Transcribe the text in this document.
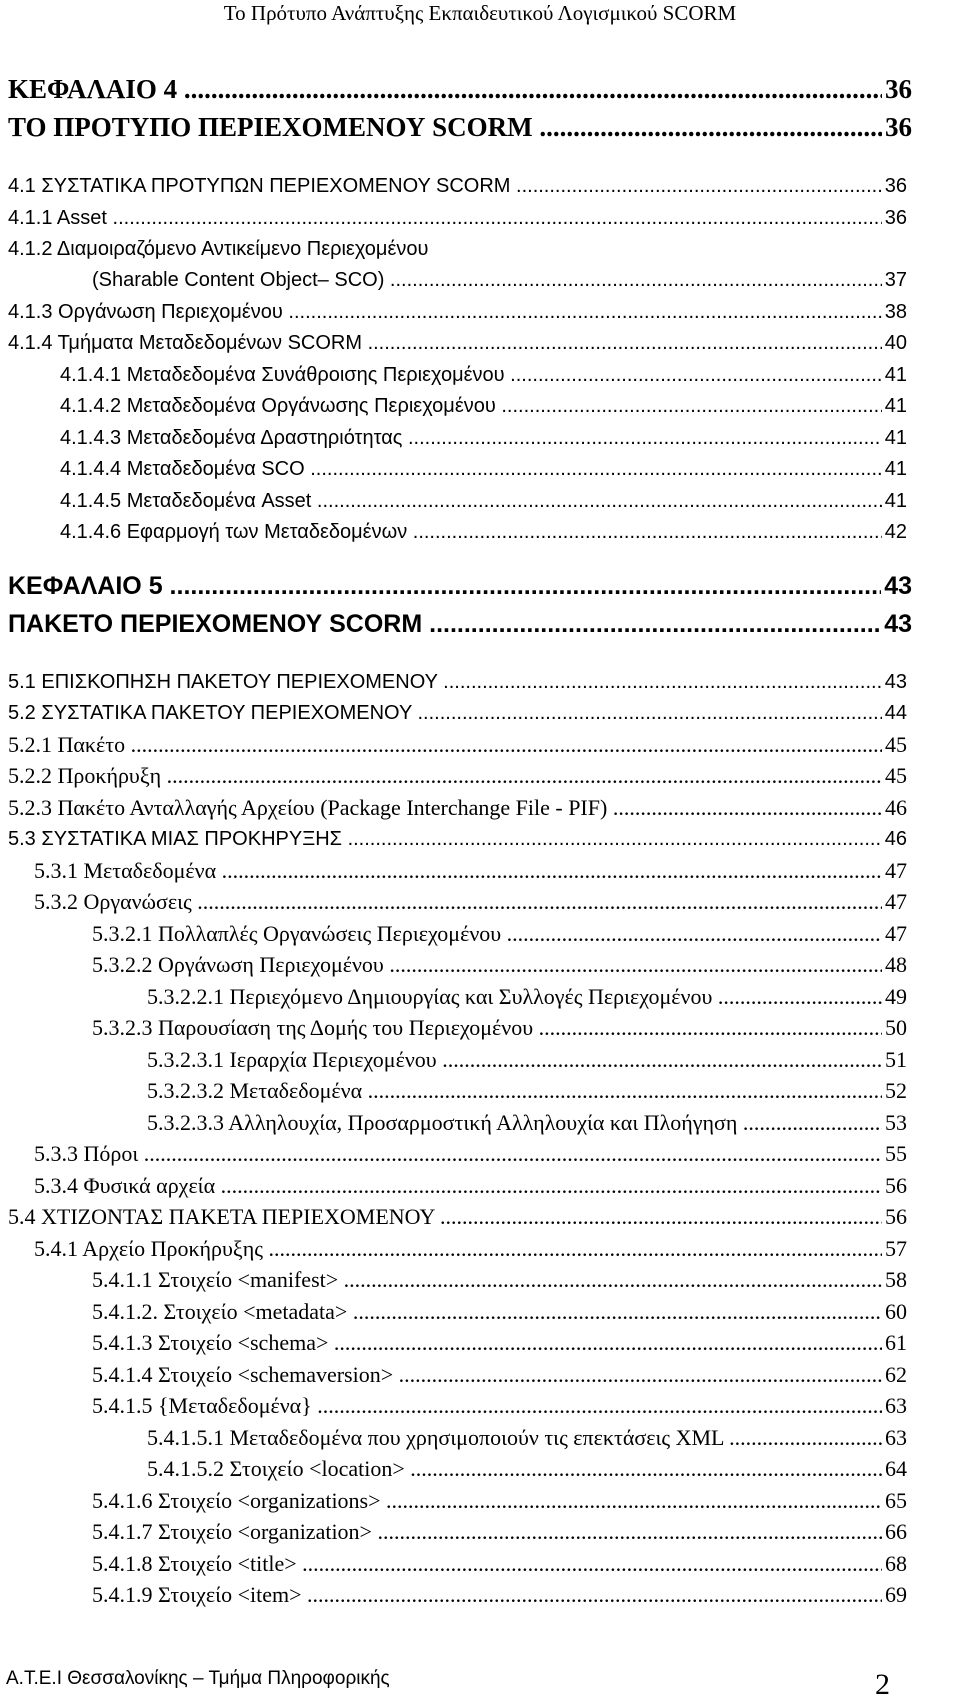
Το Πρότυπο Ανάπτυξης Εκπαιδευτικού Λογισμικού SCORM
ΚΕΦΑΛΑΙΟ 4 .....	36
ΤΟ ΠΡΟΤΥΠΟ ΠΕΡΙΕΧΟΜΕΝΟΥ SCORM .....	36
4.1 ΣΥΣΤΑΤΙΚΑ ΠΡΟΤΥΠΩΝ ΠΕΡΙΕΧΟΜΕΝΟΥ SCORM .....	36
4.1.1 Asset .....	36
4.1.2 Διαμοιραζόμενο Αντικείμενο Περιεχομένου
(Sharable Content Object– SCO) .....	37
4.1.3 Οργάνωση Περιεχομένου .....	38
4.1.4 Τμήματα Μεταδεδομένων SCORM .....	40
4.1.4.1 Μεταδεδομένα Συνάθροισης Περιεχομένου .....	41
4.1.4.2 Μεταδεδομένα Οργάνωσης Περιεχομένου .....	41
4.1.4.3 Μεταδεδομένα Δραστηριότητας .....	41
4.1.4.4 Μεταδεδομένα SCO .....	41
4.1.4.5 Μεταδεδομένα Asset .....	41
4.1.4.6 Εφαρμογή των Μεταδεδομένων .....	42
ΚΕΦΑΛΑΙΟ 5 .....	43
ΠΑΚΕΤΟ ΠΕΡΙΕΧΟΜΕΝΟΥ SCORM .....	43
5.1 ΕΠΙΣΚΟΠΗΣΗ ΠΑΚΕΤΟΥ ΠΕΡΙΕΧΟΜΕΝΟΥ .....	43
5.2 ΣΥΣΤΑΤΙΚΑ ΠΑΚΕΤΟΥ ΠΕΡΙΕΧΟΜΕΝΟΥ .....	44
5.2.1 Πακέτο .....	45
5.2.2 Προκήρυξη .....	45
5.2.3 Πακέτο Ανταλλαγής Αρχείου (Package Interchange File - PIF) .....	46
5.3 ΣΥΣΤΑΤΙΚΑ ΜΙΑΣ ΠΡΟΚΗΡΥΞΗΣ .....	46
5.3.1 Μεταδεδομένα .....	47
5.3.2 Οργανώσεις .....	47
5.3.2.1 Πολλαπλές Οργανώσεις Περιεχομένου .....	47
5.3.2.2 Οργάνωση Περιεχομένου .....	48
5.3.2.2.1 Περιεχόμενο Δημιουργίας και Συλλογές Περιεχομένου .....	49
5.3.2.3 Παρουσίαση της Δομής του Περιεχομένου .....	50
5.3.2.3.1 Ιεραρχία Περιεχομένου .....	51
5.3.2.3.2 Μεταδεδομένα .....	52
5.3.2.3.3 Αλληλουχία, Προσαρμοστική Αλληλουχία και Πλοήγηση .....	53
5.3.3 Πόροι .....	55
5.3.4 Φυσικά αρχεία .....	56
5.4 ΧΤΙΖΟΝΤΑΣ ΠΑΚΕΤΑ ΠΕΡΙΕΧΟΜΕΝΟΥ .....	56
5.4.1 Αρχείο Προκήρυξης .....	57
5.4.1.1 Στοιχείο <manifest> .....	58
5.4.1.2. Στοιχείο <metadata> .....	60
5.4.1.3 Στοιχείο <schema> .....	61
5.4.1.4 Στοιχείο <schemaversion> .....	62
5.4.1.5 {Μεταδεδομένα} .....	63
5.4.1.5.1 Μεταδεδομένα που χρησιμοποιούν τις επεκτάσεις XML .....	63
5.4.1.5.2 Στοιχείο <location> .....	64
5.4.1.6 Στοιχείο <organizations> .....	65
5.4.1.7 Στοιχείο <organization> .....	66
5.4.1.8 Στοιχείο <title> .....	68
5.4.1.9 Στοιχείο <item> .....	69
Α.Τ.Ε.Ι Θεσσαλονίκης – Τμήμα Πληροφορικής	2
